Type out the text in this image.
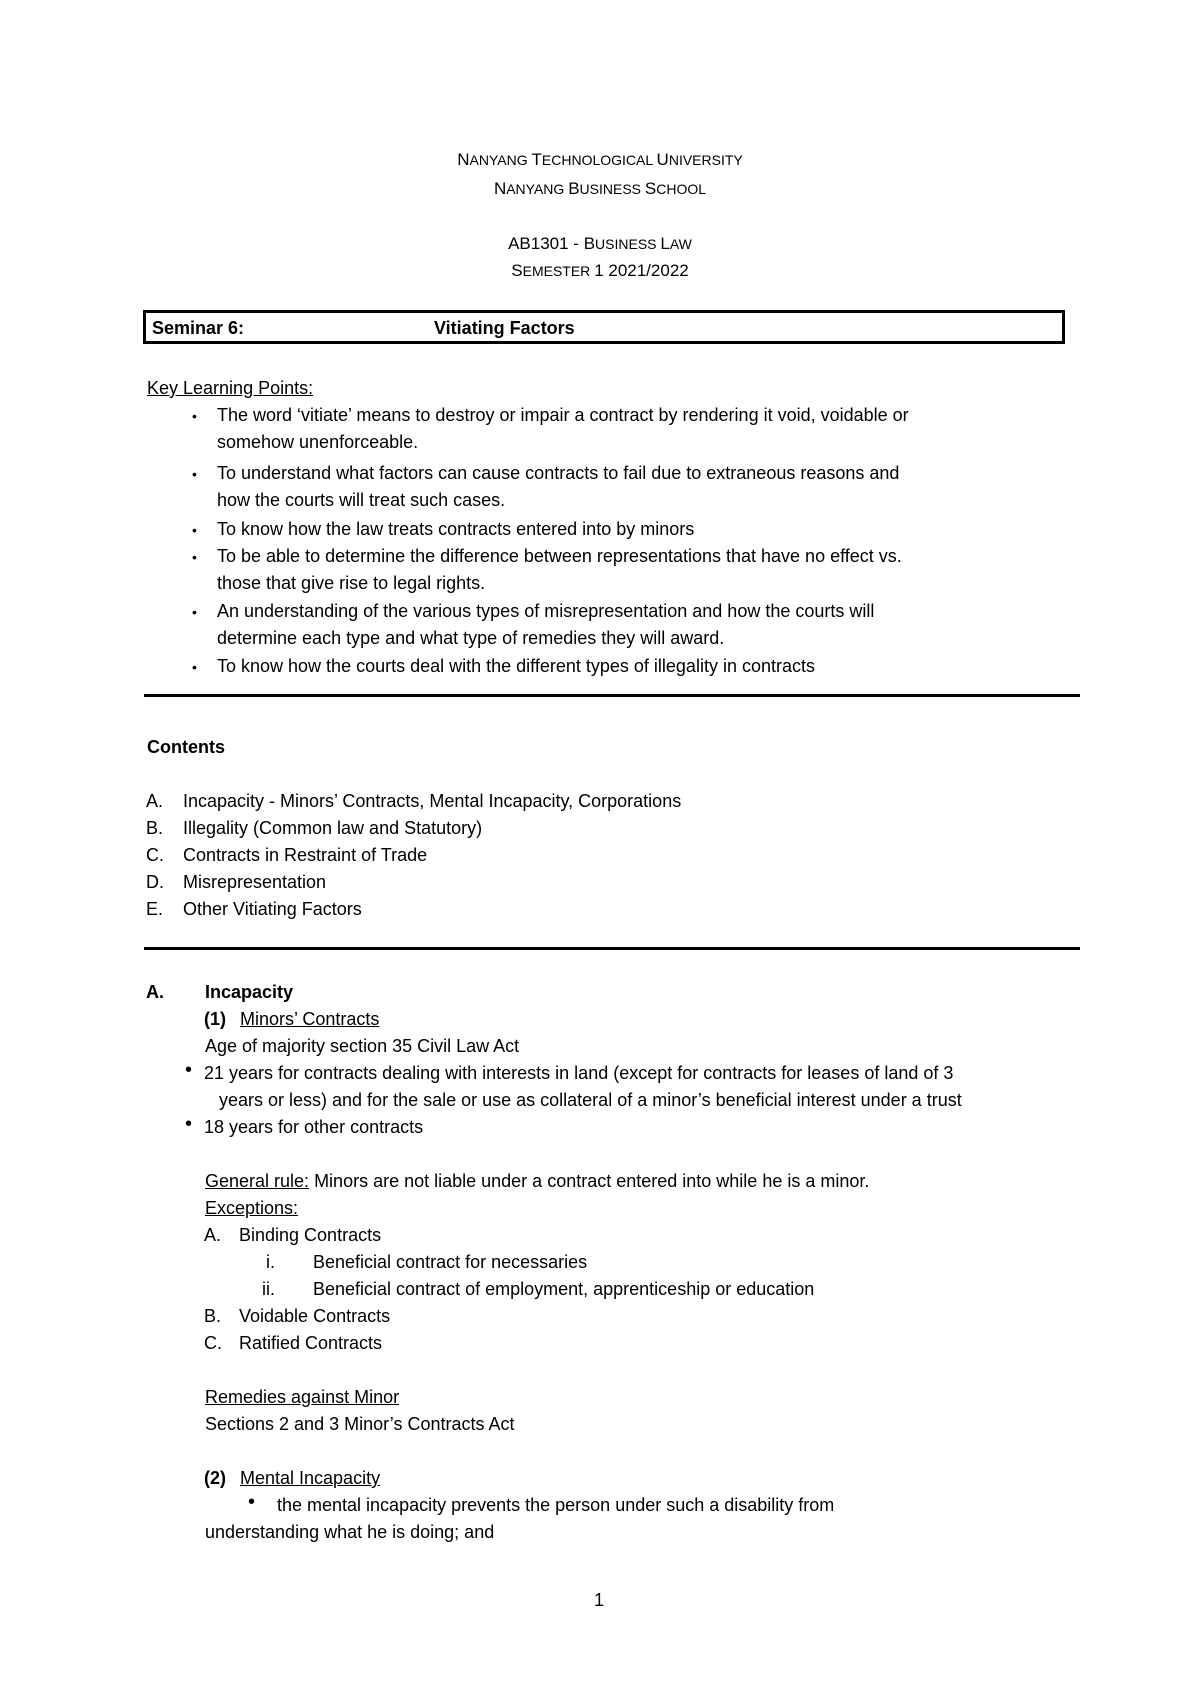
NANYANG TECHNOLOGICAL UNIVERSITY
NANYANG BUSINESS SCHOOL
AB1301 - BUSINESS LAW
SEMESTER 1 2021/2022
Seminar 6:	Vitiating Factors
Key Learning Points:
• The word ‘vitiate’ means to destroy or impair a contract by rendering it void, voidable or
somehow unenforceable.
• To understand what factors can cause contracts to fail due to extraneous reasons and
how the courts will treat such cases.
• To know how the law treats contracts entered into by minors
• To be able to determine the difference between representations that have no effect vs.
those that give rise to legal rights.
• An understanding of the various types of misrepresentation and how the courts will
determine each type and what type of remedies they will award.
• To know how the courts deal with the different types of illegality in contracts
Contents
A. Incapacity - Minors’ Contracts, Mental Incapacity, Corporations
B. Illegality (Common law and Statutory)
C. Contracts in Restraint of Trade
D. Misrepresentation
E. Other Vitiating Factors
A. Incapacity
(1) Minors’ Contracts
Age of majority section 35 Civil Law Act
• 21 years for contracts dealing with interests in land (except for contracts for leases of land of 3
years or less) and for the sale or use as collateral of a minor’s beneficial interest under a trust
• 18 years for other contracts
General rule: Minors are not liable under a contract entered into while he is a minor.
Exceptions:
A. Binding Contracts
i. Beneficial contract for necessaries
ii. Beneficial contract of employment, apprenticeship or education
B. Voidable Contracts
C. Ratified Contracts
Remedies against Minor
Sections 2 and 3 Minor’s Contracts Act
(2) Mental Incapacity
• the mental incapacity prevents the person under such a disability from
understanding what he is doing; and
1
